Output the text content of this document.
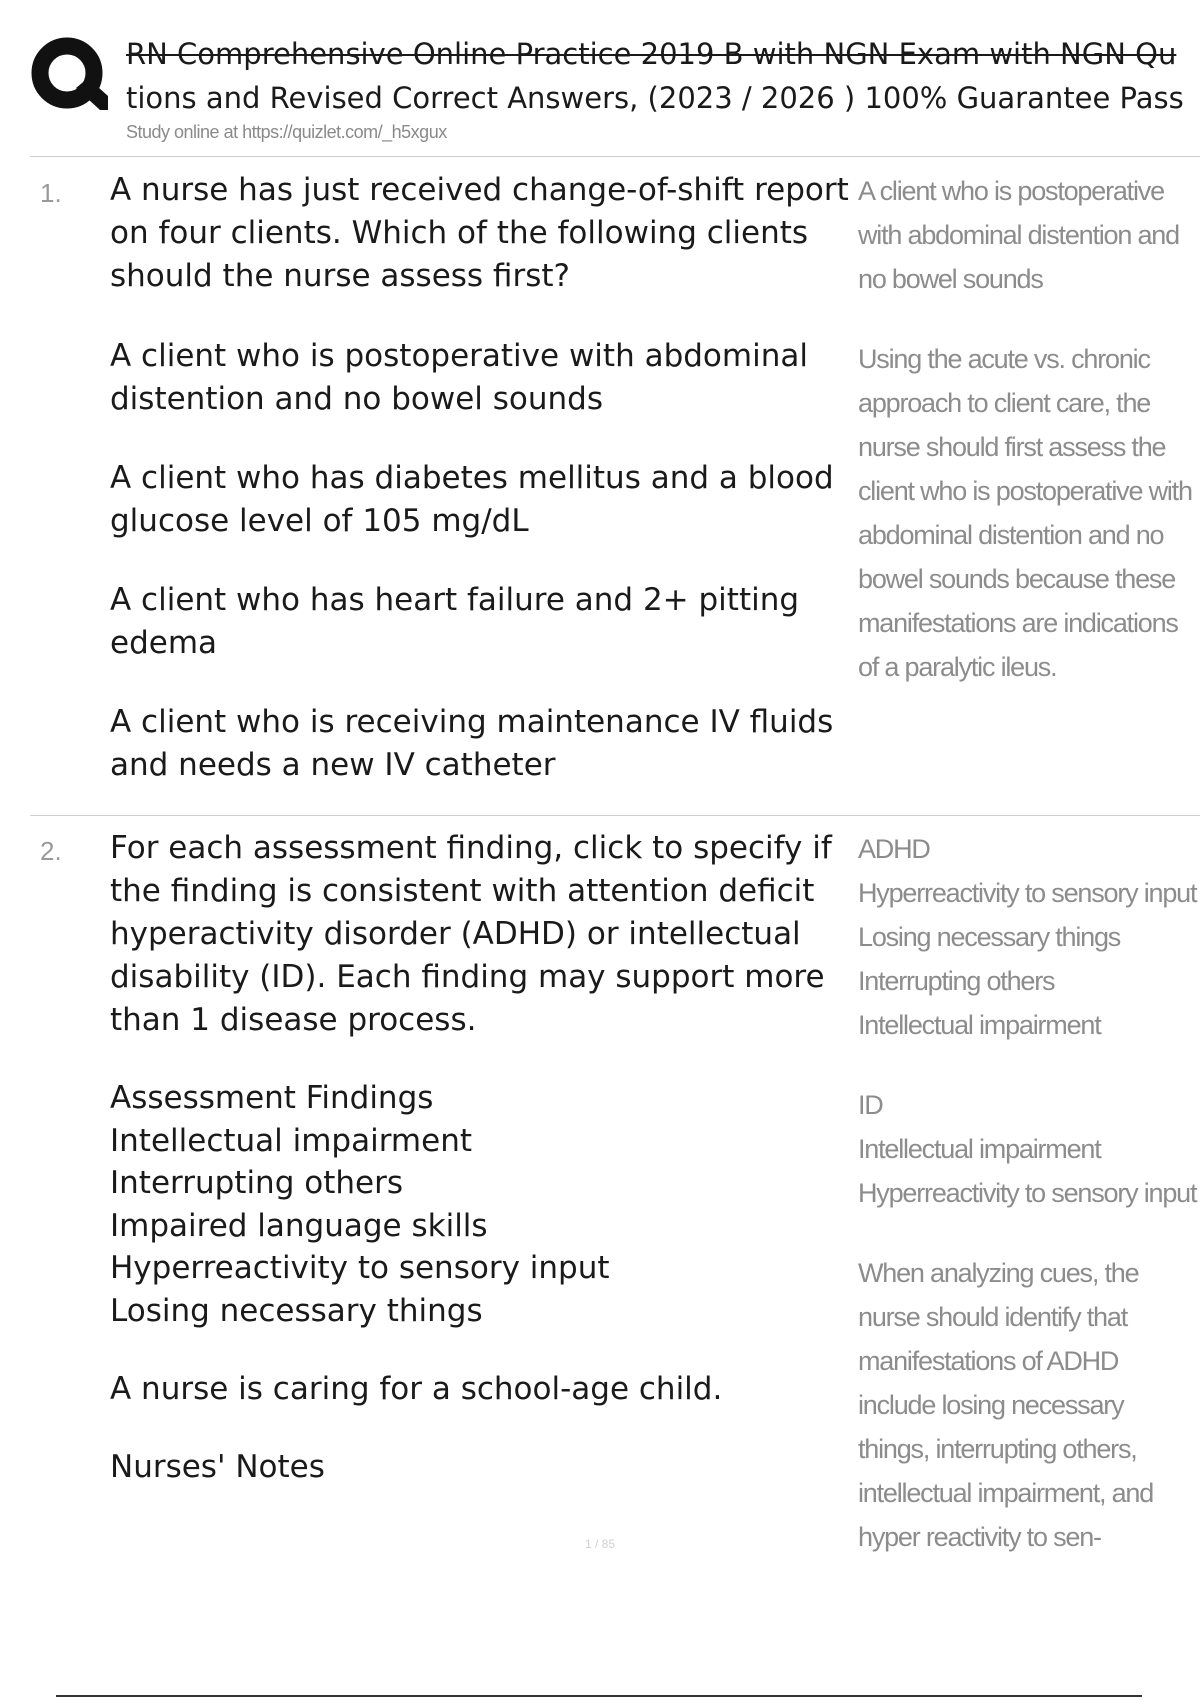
RN Comprehensive Online Practice 2019 B with NGN Exam with NGN Qu
tions and Revised Correct Answers, (2023 / 2026 ) 100% Guarantee Pass
Study online at https://quizlet.com/_h5xgux
1. A nurse has just received change-of-shift report on four clients. Which of the following clients should the nurse assess first?

A client who is postoperative with abdominal distention and no bowel sounds

A client who has diabetes mellitus and a blood glucose level of 105 mg/dL

A client who has heart failure and 2+ pitting edema

A client who is receiving maintenance IV fluids and needs a new IV catheter

A client who is postoperative with abdominal distention and no bowel sounds

Using the acute vs. chronic approach to client care, the nurse should first assess the client who is postoperative with abdominal distention and no bowel sounds because these manifestations are indications of a paralytic ileus.

2. For each assessment finding, click to specify if the finding is consistent with attention deficit hyperactivity disorder (ADHD) or intellectual disability (ID). Each finding may support more than 1 disease process.

Assessment Findings

Intellectual impairment

Interrupting others

Impaired language skills

Hyperreactivity to sensory input

Losing necessary things

A nurse is caring for a school-age child.

Nurses' Notes

ADHD

Hyperreactivity to sensory input

Losing necessary things

Interrupting others

Intellectual impairment

ID

Intellectual impairment

Hyperreactivity to sensory input

When analyzing cues, the nurse should identify that manifestations of ADHD include losing necessary things, interrupting others, intellectual impairment, and hyper reactivity to sen-

1 / 85
